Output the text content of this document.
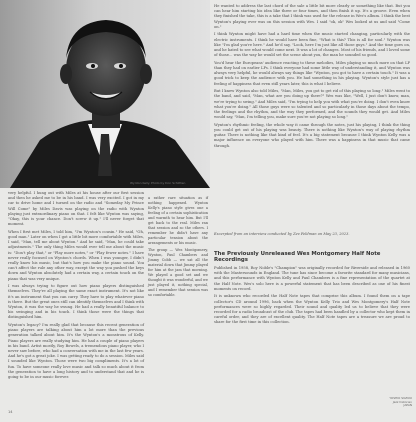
Wynton Kelly. Photo by Don Schlitten

very helpful. I hung out with Miles at his house after our first session and then he asked me to be in his band. I was very excited. I got in my car to drive home and I turned on the radio and "Someday My Prince Will Come" by Miles Davis was playing on the radio with Wynton playing just extraordinary piano on that. I felt like Wynton was saying, "Okay, this is your chance. Don't screw it up." I'll never forget that moment.

When I first met Miles, I told him, "I'm Wynton's cousin." He said, "Oh, good man." Later on when I got a little bit more comfortable with Miles, I said, "Man, tell me about Wynton." And he said, "Man, he could take adjustments." The only thing Miles would ever tell me about the music is: "Don't play that," or "Play more notes," or "Play fewer notes." I have never really focused on Wynton's chords. When I was younger, I didn't really know his music, but that's how you make the piano sound. You can't affect the rule any other way, except the way you pushed the keys down and Wynton absolutely had a certain way, a certain touch on the piano that was very unique.

I was always trying to figure out how piano players distinguished themselves. They're all playing the same exact instrument. It's not like it's an instrument that you can carry. They have to play whatever piano is there. But the great ones still can identify themselves and I think with Wynton, it was the way he swung. He had a really beautiful balance to his swinging and in his touch. I think those were the things that distinguished him.

Wynton's legacy? I'm really glad that because this recent generation of piano players are talking about him a lot more than the previous generation talked about him. It's the Wynton's a monstrous of Kelly. Piano players are really studying him. He had a couple of piano players in his band. Artist mostly, Roy Bowels, a tremendous piano player, who I never saw before, who had a conversation with me in the last few years. And he's got a great joke. I was getting ready to do a session. Miles said I sounded like Wynton. Those were two big compliments. It's a lot of fun. To have someone really love music and talk so much about it from the generation to have a long history and to understand that and he is going to be in our music forever.

a rather rare situation as if nothing happened. Wynton Kelly's piano style gives one a feeling of a certain sophistication and warmth to hear him. But I'll get back to the real. Miles ran that session and so the others. I remember he didn't have any particular tension about the arrangements or his music.

The group — Wes Montgomery, Wynton, Paul Chambers and Jimmy Cobb — we sat all the material down that Jimmy played for him at the jam that morning. We played a good set and we thought it was wonderful, and we just played it, nothing special, and I remember that session was so comfortable.

He wanted to address the last chord of the sale a little bit more clearly or something like that. But you can hear him starting his idea like three or four times, and then finish it up. It's a groove. Even when they finished the take, this is a take that I think was used for the release in Wes's album. I think the best Wynton's playing ever was on this session with Wes. I said "ok, ok" Wes looked at us and said "Come on."

I think Wynton might have had a hard time when the music started changing, particularly with the electric instruments. I think he would have been fine, "What is this? This is all for soul." Wynton was like "I'm glad you're here." And he'd say, "Look, here I'm just like all those guys." And the time goes on, and he hated to see what would come next. It was a lot of changes. Most of his friends, and I loved some of those... was the way he would set the scene about you, the man he sounded so good.

You'd hear the Europeans' audience reacting to these melodies, Miles playing so much more on that LP than they had on earlier LPs. I think everyone had some little way of understanding it, and Wynton was always very helpful, he would always say things like "Wynton, you got to have a certain touch." It was a good trick to keep the audience with you. He had something in his playing. Wynton's style just has a feeling of happiness that even still years later, this is what I believe.

But I knew Wynton also told Miles, "Man, Miles, you got to get rid of this playing so long." Miles went to the band, and said, "Man, what are you doing up there?" Wes was like, "Well, I just don't know, man, we're trying to swing." And Miles said, "I'm trying to help you with what you're doing. I don't even know what you're doing." All those guys were so talented and so particularly in those days about the tempo, the feelings and the rhythm, and the way they performed, and the sounds they would get. And Miles would say, "Man, I'm telling you, make sure you're not playing so long."

Wynton's rhythmic feeling, the whole way it came through the notes, just his playing, I think the thing you could get out of his playing was beauty. There is nothing like Wynton's way of playing rhythm guitar. There is nothing like that kind of feel. It's a big statement because I think Wynton Kelly was a major influence on everyone who played with him. There was a happiness in that music that came through.

Excerpted from an interview conducted by Zev Feldman on May 23, 2023.
The Previously Unreleased Wes Montgomery Half Note Recordings

Published in 1958, Roy Noble's "Champion" was originally recorded for Riverside and released in 1960 with the Mastersounds in England. The tune has since become a favorite standard for many musicians, and this performance with Wynton Kelly and Paul Chambers is a fine representation of the quartet at the Half Note. Wes's solo here is a powerful statement that has been described as one of his finest moments on record.

It is unknown who recorded the Half Note tapes that comprise this album. I found them on a tape collector's CD around 1996, back when the Wynton Kelly Trio and Wes Montgomery's Half Note performances were so highly regarded. Their sound and quality led us to believe that they were recorded for a radio broadcast of the club. The tapes had been handled by a collector who kept them in careful order, and they are of excellent quality. The Half Note tapes are a treasure we are proud to share for the first time in this collection.

YOSHIO SUZUKI
Jazz historian
JAPAN
14
